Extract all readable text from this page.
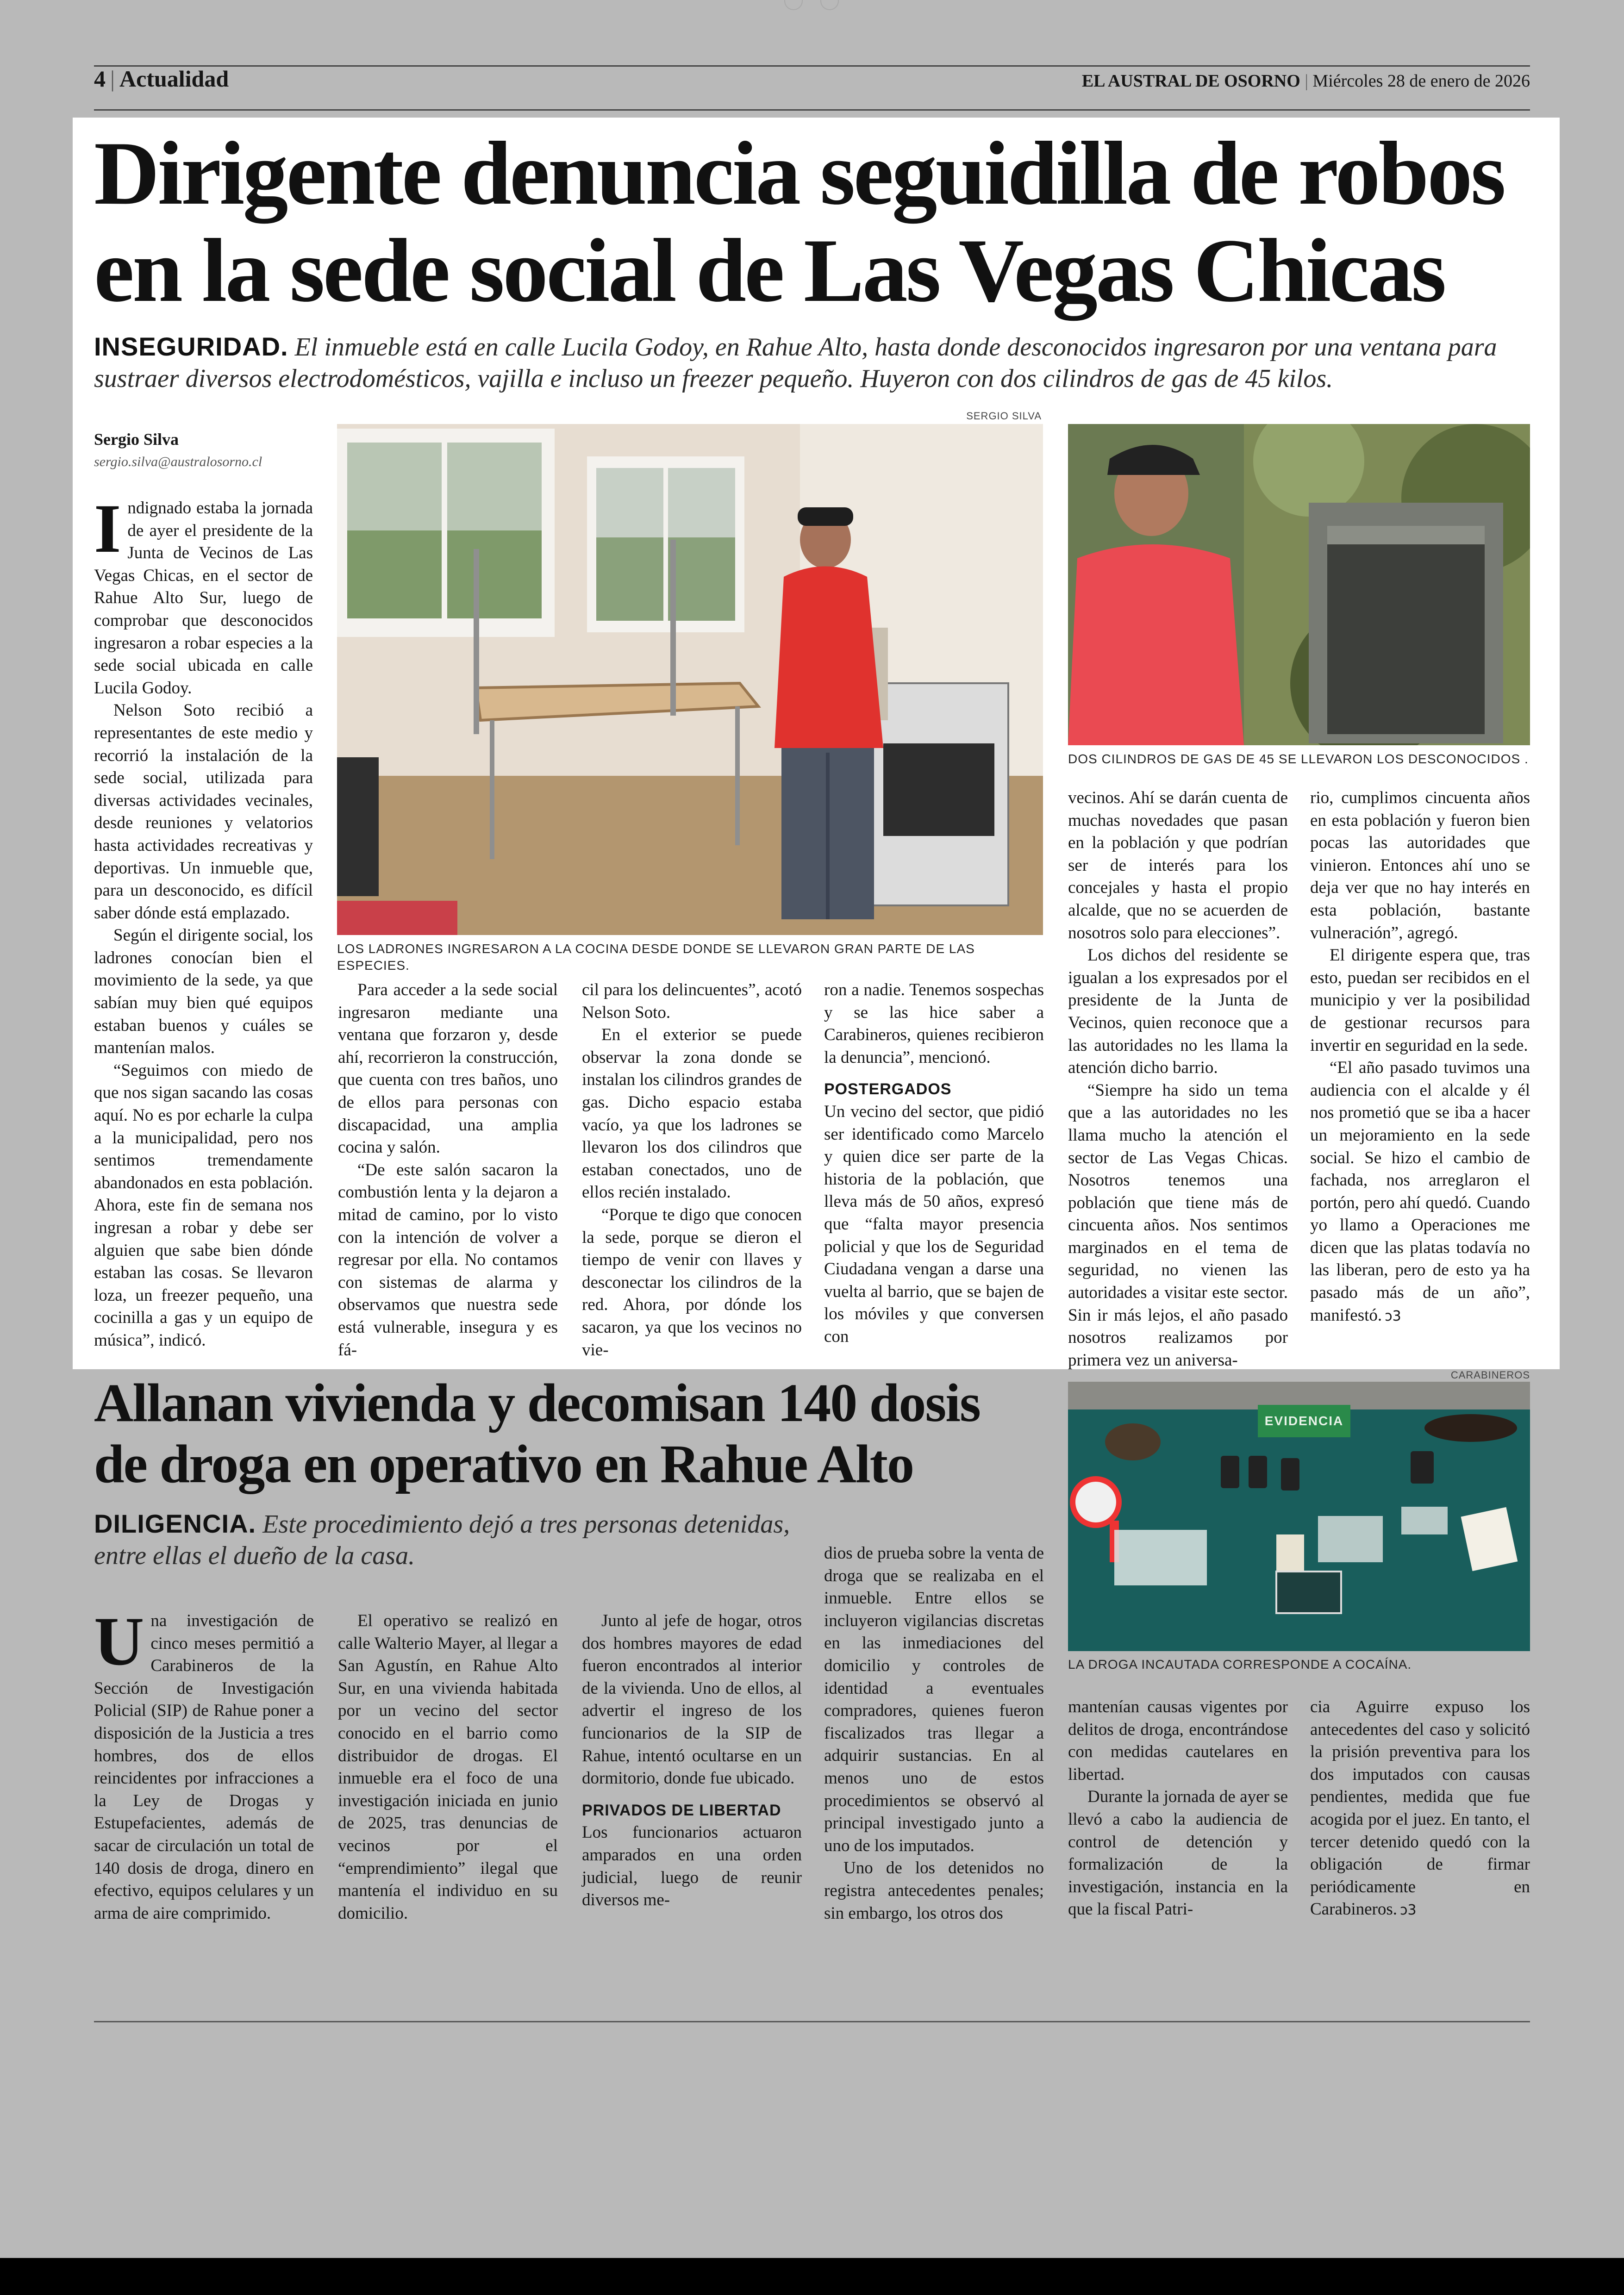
4 | Actualidad	EL AUSTRAL DE OSORNO | Miércoles 28 de enero de 2026
Dirigente denuncia seguidilla de robos
en la sede social de Las Vegas Chicas
INSEGURIDAD. El inmueble está en calle Lucila Godoy, en Rahue Alto, hasta donde desconocidos ingresaron por una ventana para sustraer diversos electrodomésticos, vajilla e incluso un freezer pequeño. Huyeron con dos cilindros de gas de 45 kilos.
Sergio Silva
sergio.silva@australosorno.cl
SERGIO SILVA
LOS LADRONES INGRESARON A LA COCINA DESDE DONDE SE LLEVARON GRAN PARTE DE LAS ESPECIES.
DOS CILINDROS DE GAS DE 45 SE LLEVARON LOS DESCONOCIDOS .

Indignado estaba la jornada de ayer el presidente de la Junta de Vecinos de Las Vegas Chicas, en el sector de Rahue Alto Sur, luego de comprobar que desconocidos ingresaron a robar especies a la sede social ubicada en calle Lucila Godoy.

Nelson Soto recibió a representantes de este medio y recorrió la instalación de la sede social, utilizada para diversas actividades vecinales, desde reuniones y velatorios hasta actividades recreativas y deportivas. Un inmueble que, para un desconocido, es difícil saber dónde está emplazado.

Según el dirigente social, los ladrones conocían bien el movimiento de la sede, ya que sabían muy bien qué equipos estaban buenos y cuáles se mantenían malos.

“Seguimos con miedo de que nos sigan sacando las cosas aquí. No es por echarle la culpa a la municipalidad, pero nos sentimos tremendamente abandonados en esta población. Ahora, este fin de semana nos ingresan a robar y debe ser alguien que sabe bien dónde estaban las cosas. Se llevaron loza, un freezer pequeño, una cocinilla a gas y un equipo de música”, indicó.

Para acceder a la sede social ingresaron mediante una ventana que forzaron y, desde ahí, recorrieron la construcción, que cuenta con tres baños, uno de ellos para personas con discapacidad, una amplia cocina y salón.

“De este salón sacaron la combustión lenta y la dejaron a mitad de camino, por lo visto con la intención de volver a regresar por ella. No contamos con sistemas de alarma y observamos que nuestra sede está vulnerable, insegura y es fá-

cil para los delincuentes”, acotó Nelson Soto.

En el exterior se puede observar la zona donde se instalan los cilindros grandes de gas. Dicho espacio estaba vacío, ya que los ladrones se llevaron los dos cilindros que estaban conectados, uno de ellos recién instalado.

“Porque te digo que conocen la sede, porque se dieron el tiempo de venir con llaves y desconectar los cilindros de la red. Ahora, por dónde los sacaron, ya que los vecinos no vie-

ron a nadie. Tenemos sospechas y se las hice saber a Carabineros, quienes recibieron la denuncia”, mencionó.

POSTERGADOS

Un vecino del sector, que pidió ser identificado como Marcelo y quien dice ser parte de la historia de la población, que lleva más de 50 años, expresó que “falta mayor presencia policial y que los de Seguridad Ciudadana vengan a darse una vuelta al barrio, que se bajen de los móviles y que conversen con

vecinos. Ahí se darán cuenta de muchas novedades que pasan en la población y que podrían ser de interés para los concejales y hasta el propio alcalde, que no se acuerden de nosotros solo para elecciones”.

Los dichos del residente se igualan a los expresados por el presidente de la Junta de Vecinos, quien reconoce que a las autoridades no les llama la atención dicho barrio.

“Siempre ha sido un tema que a las autoridades no les llama mucho la atención el sector de Las Vegas Chicas. Nosotros tenemos una población que tiene más de cincuenta años. Nos sentimos marginados en el tema de seguridad, no vienen las autoridades a visitar este sector. Sin ir más lejos, el año pasado nosotros realizamos por primera vez un aniversa-

rio, cumplimos cincuenta años en esta población y fueron bien pocas las autoridades que vinieron. Entonces ahí uno se deja ver que no hay interés en esta población, bastante vulneración”, agregó.

El dirigente espera que, tras esto, puedan ser recibidos en el municipio y ver la posibilidad de gestionar recursos para invertir en seguridad en la sede.

“El año pasado tuvimos una audiencia con el alcalde y él nos prometió que se iba a hacer un mejoramiento en la sede social. Se hizo el cambio de fachada, nos arreglaron el portón, pero ahí quedó. Cuando yo llamo a Operaciones me dicen que las platas todavía no las liberan, pero de esto ya ha pasado más de un año”, manifestó. ↄ3

Allanan vivienda y decomisan 140 dosis
de droga en operativo en Rahue Alto
DILIGENCIA. Este procedimiento dejó a tres personas detenidas, entre ellas el dueño de la casa.
CARABINEROS
EVIDENCIA
LA DROGA INCAUTADA CORRESPONDE A COCAÍNA.

Una investigación de cinco meses permitió a Carabineros de la Sección de Investigación Policial (SIP) de Rahue poner a disposición de la Justicia a tres hombres, dos de ellos reincidentes por infracciones a la Ley de Drogas y Estupefacientes, además de sacar de circulación un total de 140 dosis de droga, dinero en efectivo, equipos celulares y un arma de aire comprimido.

El operativo se realizó en calle Walterio Mayer, al llegar a San Agustín, en Rahue Alto Sur, en una vivienda habitada por un vecino del sector conocido en el barrio como distribuidor de drogas. El inmueble era el foco de una investigación iniciada en junio de 2025, tras denuncias de vecinos por el “emprendimiento” ilegal que mantenía el individuo en su domicilio.

Junto al jefe de hogar, otros dos hombres mayores de edad fueron encontrados al interior de la vivienda. Uno de ellos, al advertir el ingreso de los funcionarios de la SIP de Rahue, intentó ocultarse en un dormitorio, donde fue ubicado.

PRIVADOS DE LIBERTAD

Los funcionarios actuaron amparados en una orden judicial, luego de reunir diversos me-

dios de prueba sobre la venta de droga que se realizaba en el inmueble. Entre ellos se incluyeron vigilancias discretas en las inmediaciones del domicilio y controles de identidad a eventuales compradores, quienes fueron fiscalizados tras llegar a adquirir sustancias. En al menos uno de estos procedimientos se observó al principal investigado junto a uno de los imputados.

Uno de los detenidos no registra antecedentes penales; sin embargo, los otros dos

mantenían causas vigentes por delitos de droga, encontrándose con medidas cautelares en libertad.

Durante la jornada de ayer se llevó a cabo la audiencia de control de detención y formalización de la investigación, instancia en la que la fiscal Patri-

cia Aguirre expuso los antecedentes del caso y solicitó la prisión preventiva para los dos imputados con causas pendientes, medida que fue acogida por el juez. En tanto, el tercer detenido quedó con la obligación de firmar periódicamente en Carabineros. ↄ3
